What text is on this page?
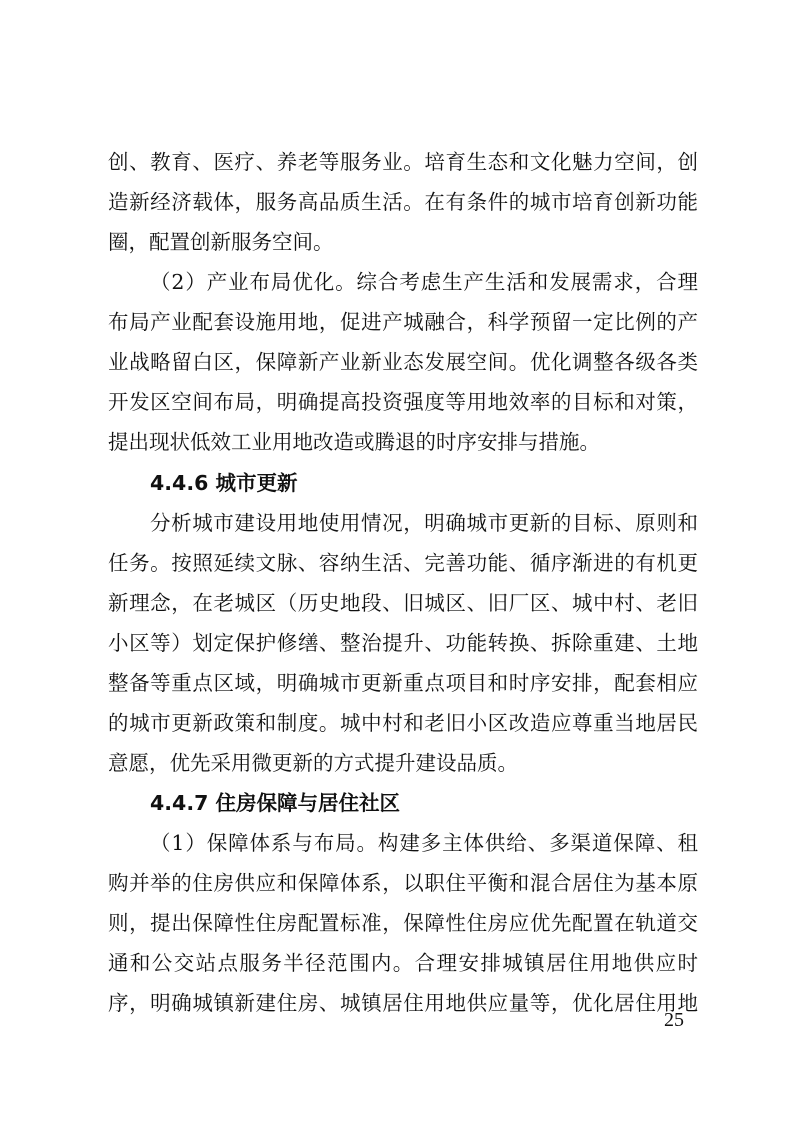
创、教育、医疗、养老等服务业。培育生态和文化魅力空间，创
造新经济载体，服务高品质生活。在有条件的城市培育创新功能
圈，配置创新服务空间。
（2）产业布局优化。综合考虑生产生活和发展需求，合理
布局产业配套设施用地，促进产城融合，科学预留一定比例的产
业战略留白区，保障新产业新业态发展空间。优化调整各级各类
开发区空间布局，明确提高投资强度等用地效率的目标和对策，
提出现状低效工业用地改造或腾退的时序安排与措施。
4.4.6 城市更新
分析城市建设用地使用情况，明确城市更新的目标、原则和
任务。按照延续文脉、容纳生活、完善功能、循序渐进的有机更
新理念，在老城区（历史地段、旧城区、旧厂区、城中村、老旧
小区等）划定保护修缮、整治提升、功能转换、拆除重建、土地
整备等重点区域，明确城市更新重点项目和时序安排，配套相应
的城市更新政策和制度。城中村和老旧小区改造应尊重当地居民
意愿，优先采用微更新的方式提升建设品质。
4.4.7 住房保障与居住社区
（1）保障体系与布局。构建多主体供给、多渠道保障、租
购并举的住房供应和保障体系，以职住平衡和混合居住为基本原
则，提出保障性住房配置标准，保障性住房应优先配置在轨道交
通和公交站点服务半径范围内。合理安排城镇居住用地供应时
序，明确城镇新建住房、城镇居住用地供应量等，优化居住用地
25
